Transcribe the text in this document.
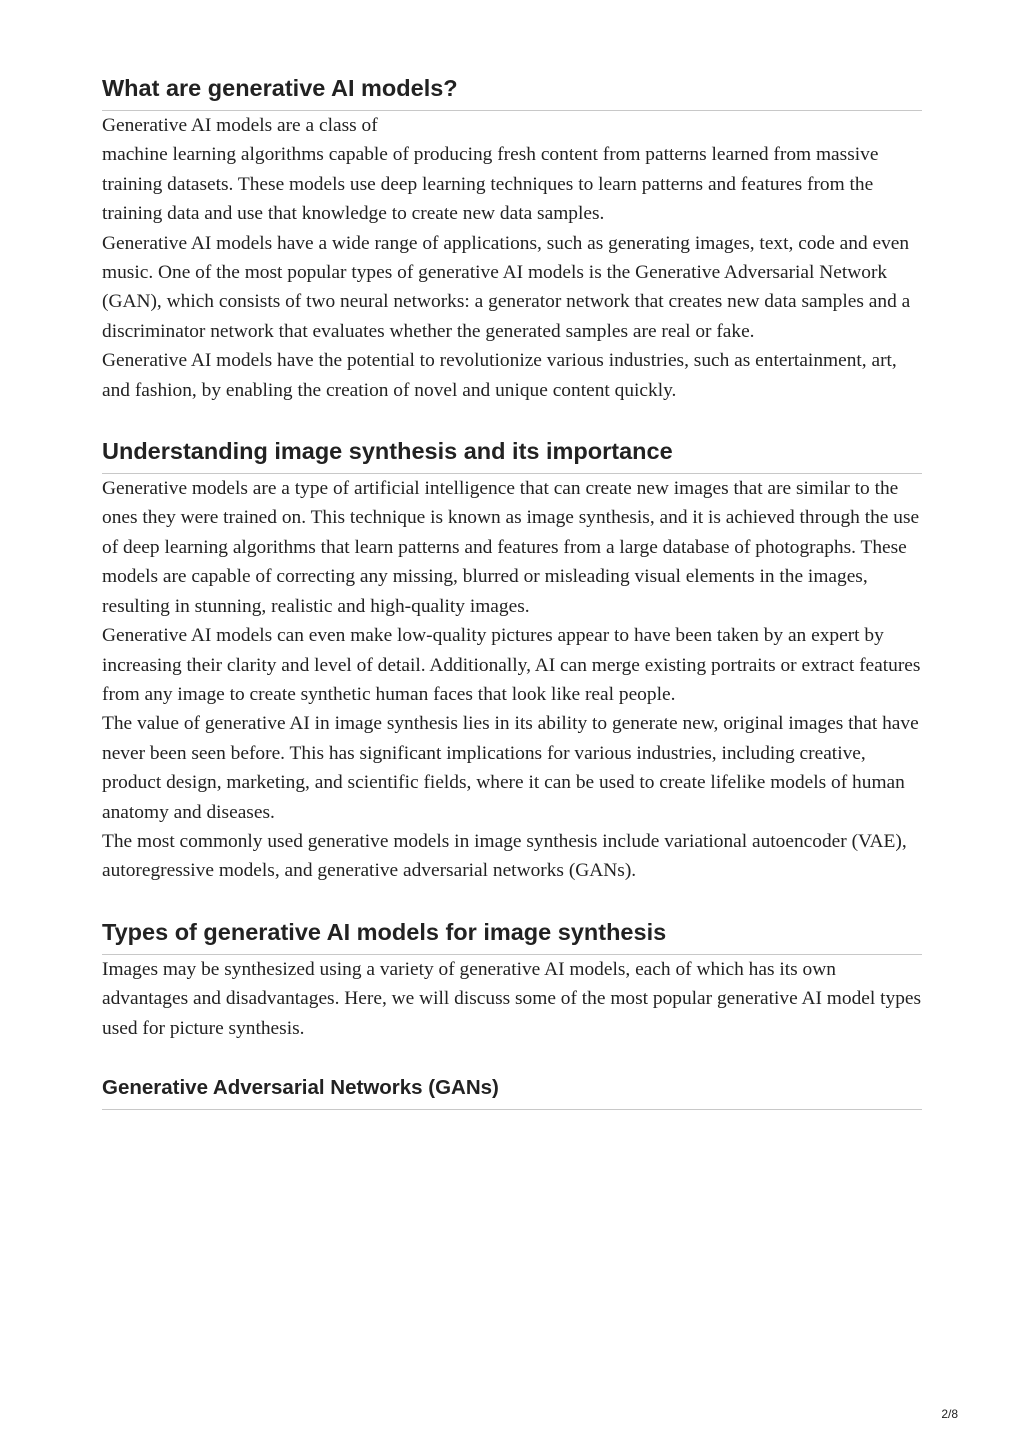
What are generative AI models?

Generative AI models are a class of
machine learning algorithms capable of producing fresh content from patterns learned from massive training datasets. These models use deep learning techniques to learn patterns and features from the training data and use that knowledge to create new data samples.

Generative AI models have a wide range of applications, such as generating images, text, code and even music. One of the most popular types of generative AI models is the Generative Adversarial Network (GAN), which consists of two neural networks: a generator network that creates new data samples and a discriminator network that evaluates whether the generated samples are real or fake.

Generative AI models have the potential to revolutionize various industries, such as entertainment, art, and fashion, by enabling the creation of novel and unique content quickly.

Understanding image synthesis and its importance

Generative models are a type of artificial intelligence that can create new images that are similar to the ones they were trained on. This technique is known as image synthesis, and it is achieved through the use of deep learning algorithms that learn patterns and features from a large database of photographs. These models are capable of correcting any missing, blurred or misleading visual elements in the images, resulting in stunning, realistic and high-quality images.

Generative AI models can even make low-quality pictures appear to have been taken by an expert by increasing their clarity and level of detail. Additionally, AI can merge existing portraits or extract features from any image to create synthetic human faces that look like real people.

The value of generative AI in image synthesis lies in its ability to generate new, original images that have never been seen before. This has significant implications for various industries, including creative, product design, marketing, and scientific fields, where it can be used to create lifelike models of human anatomy and diseases.

The most commonly used generative models in image synthesis include variational autoencoder (VAE), autoregressive models, and generative adversarial networks (GANs).

Types of generative AI models for image synthesis

Images may be synthesized using a variety of generative AI models, each of which has its own advantages and disadvantages. Here, we will discuss some of the most popular generative AI model types used for picture synthesis.

Generative Adversarial Networks (GANs)
2/8
